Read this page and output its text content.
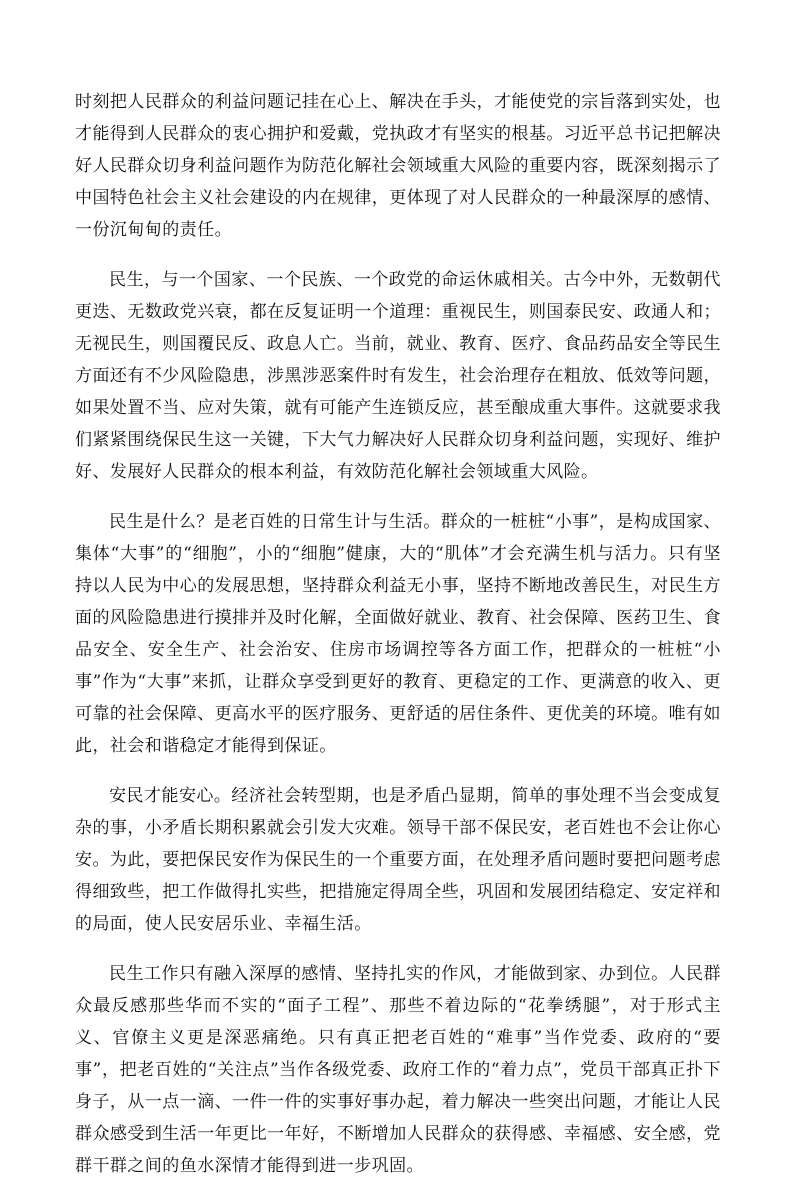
时刻把人民群众的利益问题记挂在心上、解决在手头，才能使党的宗旨落到实处，也才能得到人民群众的衷心拥护和爱戴，党执政才有坚实的根基。习近平总书记把解决好人民群众切身利益问题作为防范化解社会领域重大风险的重要内容，既深刻揭示了中国特色社会主义社会建设的内在规律，更体现了对人民群众的一种最深厚的感情、一份沉甸甸的责任。

民生，与一个国家、一个民族、一个政党的命运休戚相关。古今中外，无数朝代更迭、无数政党兴衰，都在反复证明一个道理：重视民生，则国泰民安、政通人和；无视民生，则国覆民反、政息人亡。当前，就业、教育、医疗、食品药品安全等民生方面还有不少风险隐患，涉黑涉恶案件时有发生，社会治理存在粗放、低效等问题，如果处置不当、应对失策，就有可能产生连锁反应，甚至酿成重大事件。这就要求我们紧紧围绕保民生这一关键，下大气力解决好人民群众切身利益问题，实现好、维护好、发展好人民群众的根本利益，有效防范化解社会领域重大风险。

民生是什么？是老百姓的日常生计与生活。群众的一桩桩“小事”，是构成国家、集体“大事”的“细胞”，小的“细胞”健康，大的“肌体”才会充满生机与活力。只有坚持以人民为中心的发展思想，坚持群众利益无小事，坚持不断地改善民生，对民生方面的风险隐患进行摸排并及时化解，全面做好就业、教育、社会保障、医药卫生、食品安全、安全生产、社会治安、住房市场调控等各方面工作，把群众的一桩桩“小事”作为“大事”来抓，让群众享受到更好的教育、更稳定的工作、更满意的收入、更可靠的社会保障、更高水平的医疗服务、更舒适的居住条件、更优美的环境。唯有如此，社会和谐稳定才能得到保证。

安民才能安心。经济社会转型期，也是矛盾凸显期，简单的事处理不当会变成复杂的事，小矛盾长期积累就会引发大灾难。领导干部不保民安，老百姓也不会让你心安。为此，要把保民安作为保民生的一个重要方面，在处理矛盾问题时要把问题考虑得细致些，把工作做得扎实些，把措施定得周全些，巩固和发展团结稳定、安定祥和的局面，使人民安居乐业、幸福生活。

民生工作只有融入深厚的感情、坚持扎实的作风，才能做到家、办到位。人民群众最反感那些华而不实的“面子工程”、那些不着边际的“花拳绣腿”，对于形式主义、官僚主义更是深恶痛绝。只有真正把老百姓的“难事”当作党委、政府的“要事”，把老百姓的“关注点”当作各级党委、政府工作的“着力点”，党员干部真正扑下身子，从一点一滴、一件一件的实事好事办起，着力解决一些突出问题，才能让人民群众感受到生活一年更比一年好，不断增加人民群众的获得感、幸福感、安全感，党群干群之间的鱼水深情才能得到进一步巩固。
